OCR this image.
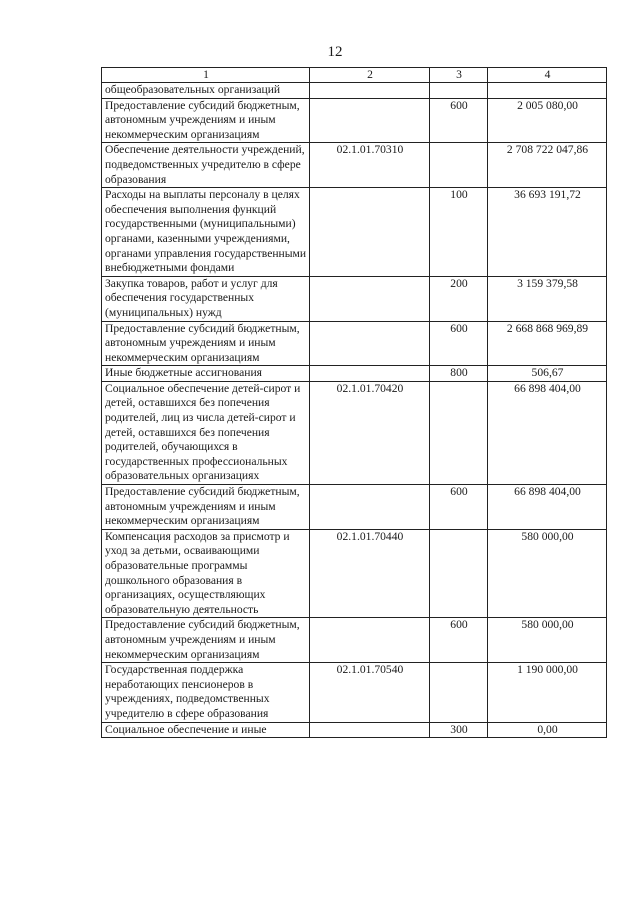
12
1	2	3	4
общеобразовательных организаций			
Предоставление субсидий бюджетным, автономным учреждениям и иным некоммерческим организациям		600	2 005 080,00
Обеспечение деятельности учреждений, подведомственных учредителю в сфере образования	02.1.01.70310		2 708 722 047,86
Расходы на выплаты персоналу в целях обеспечения выполнения функций государственными (муниципальными) органами, казенными учреждениями, органами управления государственными внебюджетными фондами		100	36 693 191,72
Закупка товаров, работ и услуг для обеспечения государственных (муниципальных) нужд		200	3 159 379,58
Предоставление субсидий бюджетным, автономным учреждениям и иным некоммерческим организациям		600	2 668 868 969,89
Иные бюджетные ассигнования		800	506,67
Социальное обеспечение детей-сирот и детей, оставшихся без попечения родителей, лиц из числа детей-сирот и детей, оставшихся без попечения родителей, обучающихся в государственных профессиональных образовательных организациях	02.1.01.70420		66 898 404,00
Предоставление субсидий бюджетным, автономным учреждениям и иным некоммерческим организациям		600	66 898 404,00
Компенсация расходов за присмотр и уход за детьми, осваивающими образовательные программы дошкольного образования в организациях, осуществляющих образовательную деятельность	02.1.01.70440		580 000,00
Предоставление субсидий бюджетным, автономным учреждениям и иным некоммерческим организациям		600	580 000,00
Государственная поддержка неработающих пенсионеров в учреждениях, подведомственных учредителю в сфере образования	02.1.01.70540		1 190 000,00
Социальное обеспечение и иные		300	0,00
